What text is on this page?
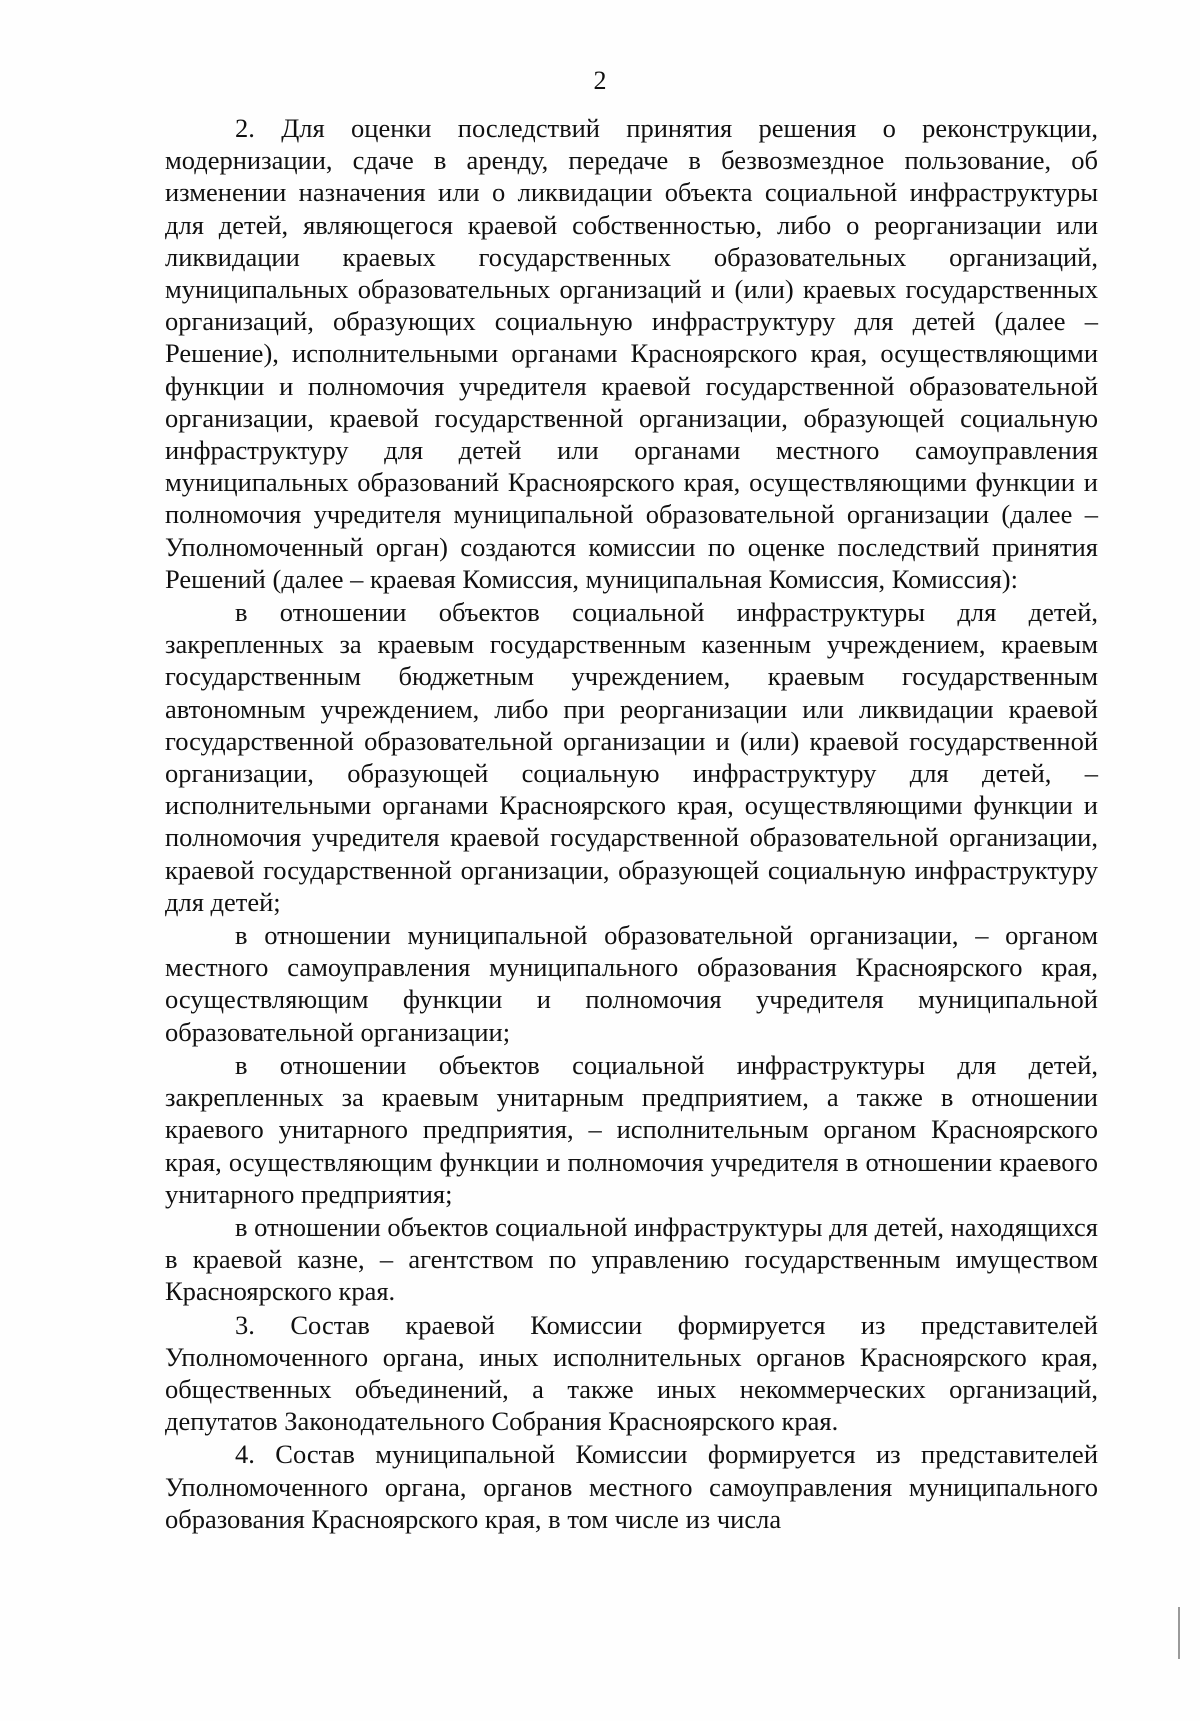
2

2. Для оценки последствий принятия решения о реконструкции, модернизации, сдаче в аренду, передаче в безвозмездное пользование, об изменении назначения или о ликвидации объекта социальной инфраструктуры для детей, являющегося краевой собственностью, либо о реорганизации или ликвидации краевых государственных образовательных организаций, муниципальных образовательных организаций и (или) краевых государственных организаций, образующих социальную инфраструктуру для детей (далее – Решение), исполнительными органами Красноярского края, осуществляющими функции и полномочия учредителя краевой государственной образовательной организации, краевой государственной организации, образующей социальную инфраструктуру для детей или органами местного самоуправления муниципальных образований Красноярского края, осуществляющими функции и полномочия учредителя муниципальной образовательной организации (далее – Уполномоченный орган) создаются комиссии по оценке последствий принятия Решений (далее – краевая Комиссия, муниципальная Комиссия, Комиссия):

в отношении объектов социальной инфраструктуры для детей, закрепленных за краевым государственным казенным учреждением, краевым государственным бюджетным учреждением, краевым государственным автономным учреждением, либо при реорганизации или ликвидации краевой государственной образовательной организации и (или) краевой государственной организации, образующей социальную инфраструктуру для детей, – исполнительными органами Красноярского края, осуществляющими функции и полномочия учредителя краевой государственной образовательной организации, краевой государственной организации, образующей социальную инфраструктуру для детей;

в отношении муниципальной образовательной организации, – органом местного самоуправления муниципального образования Красноярского края, осуществляющим функции и полномочия учредителя муниципальной образовательной организации;

в отношении объектов социальной инфраструктуры для детей, закрепленных за краевым унитарным предприятием, а также в отношении краевого унитарного предприятия, – исполнительным органом Красноярского края, осуществляющим функции и полномочия учредителя в отношении краевого унитарного предприятия;

в отношении объектов социальной инфраструктуры для детей, находящихся в краевой казне, – агентством по управлению государственным имуществом Красноярского края.

3. Состав краевой Комиссии формируется из представителей Уполномоченного органа, иных исполнительных органов Красноярского края, общественных объединений, а также иных некоммерческих организаций, депутатов Законодательного Собрания Красноярского края.

4. Состав муниципальной Комиссии формируется из представителей Уполномоченного органа, органов местного самоуправления муниципального образования Красноярского края, в том числе из числа
